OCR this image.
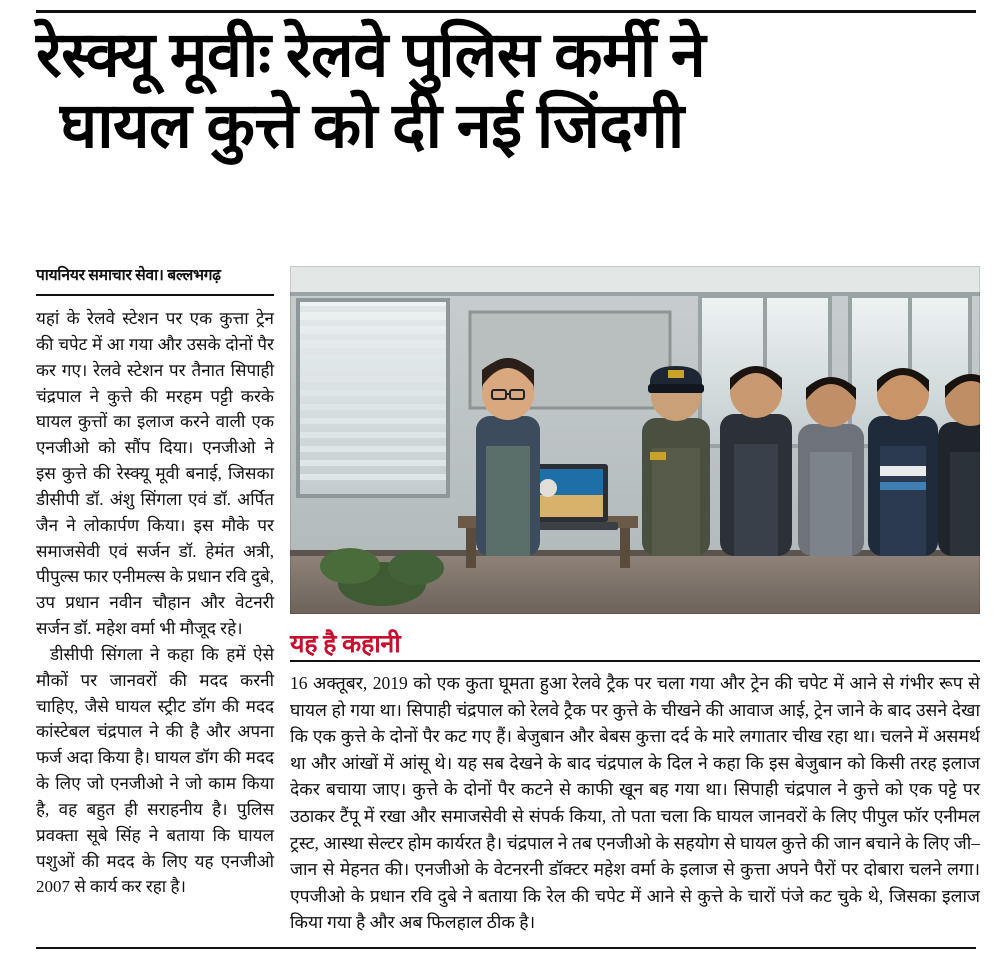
रेस्क्यू मूवीः रेलवे पुलिस कर्मी ने
घायल कुत्ते को दी नई जिंदगी
पायनियर समाचार सेवा। बल्लभगढ़

यहां के रेलवे स्टेशन पर एक कुत्ता ट्रेन की चपेट में आ गया और उसके दोनों पैर कर गए। रेलवे स्टेशन पर तैनात सिपाही चंद्रपाल ने कुत्ते की मरहम पट्टी करके घायल कुत्तों का इलाज करने वाली एक एनजीओ को सौंप दिया। एनजीओ ने इस कुत्ते की रेस्क्यू मूवी बनाई, जिसका डीसीपी डॉ. अंशु सिंगला एवं डॉ. अर्पित जैन ने लोकार्पण किया। इस मौके पर समाजसेवी एवं सर्जन डॉ. हेमंत अत्री, पीपुल्स फार एनीमल्स के प्रधान रवि दुबे, उप प्रधान नवीन चौहान और वेटनरी सर्जन डॉ. महेश वर्मा भी मौजूद रहे।

डीसीपी सिंगला ने कहा कि हमें ऐसे मौकों पर जानवरों की मदद करनी चाहिए, जैसे घायल स्ट्रीट डॉग की मदद कांस्टेबल चंद्रपाल ने की है और अपना फर्ज अदा किया है। घायल डॉग की मदद के लिए जो एनजीओ ने जो काम किया है, वह बहुत ही सराहनीय है। पुलिस प्रवक्ता सूबे सिंह ने बताया कि घायल पशुओं की मदद के लिए यह एनजीओ 2007 से कार्य कर रहा है।

यह है कहानी

16 अक्तूबर, 2019 को एक कुता घूमता हुआ रेलवे ट्रैक पर चला गया और ट्रेन की चपेट में आने से गंभीर रूप से घायल हो गया था। सिपाही चंद्रपाल को रेलवे ट्रैक पर कुत्ते के चीखने की आवाज आई, ट्रेन जाने के बाद उसने देखा कि एक कुत्ते के दोनों पैर कट गए हैं। बेजुबान और बेबस कुत्ता दर्द के मारे लगातार चीख रहा था। चलने में असमर्थ था और आंखों में आंसू थे। यह सब देखने के बाद चंद्रपाल के दिल ने कहा कि इस बेजुबान को किसी तरह इलाज देकर बचाया जाए। कुत्ते के दोनों पैर कटने से काफी खून बह गया था। सिपाही चंद्रपाल ने कुत्ते को एक पट्टे पर उठाकर टैंपू में रखा और समाजसेवी से संपर्क किया, तो पता चला कि घायल जानवरों के लिए पीपुल फॉर एनीमल ट्रस्ट, आस्था सेल्टर होम कार्यरत है। चंद्रपाल ने तब एनजीओ के सहयोग से घायल कुत्ते की जान बचाने के लिए जी–जान से मेहनत की। एनजीओ के वेटनरनी डॉक्टर महेश वर्मा के इलाज से कुत्ता अपने पैरों पर दोबारा चलने लगा। एपजीओ के प्रधान रवि दुबे ने बताया कि रेल की चपेट में आने से कुत्ते के चारों पंजे कट चुके थे, जिसका इलाज किया गया है और अब फिलहाल ठीक है।
